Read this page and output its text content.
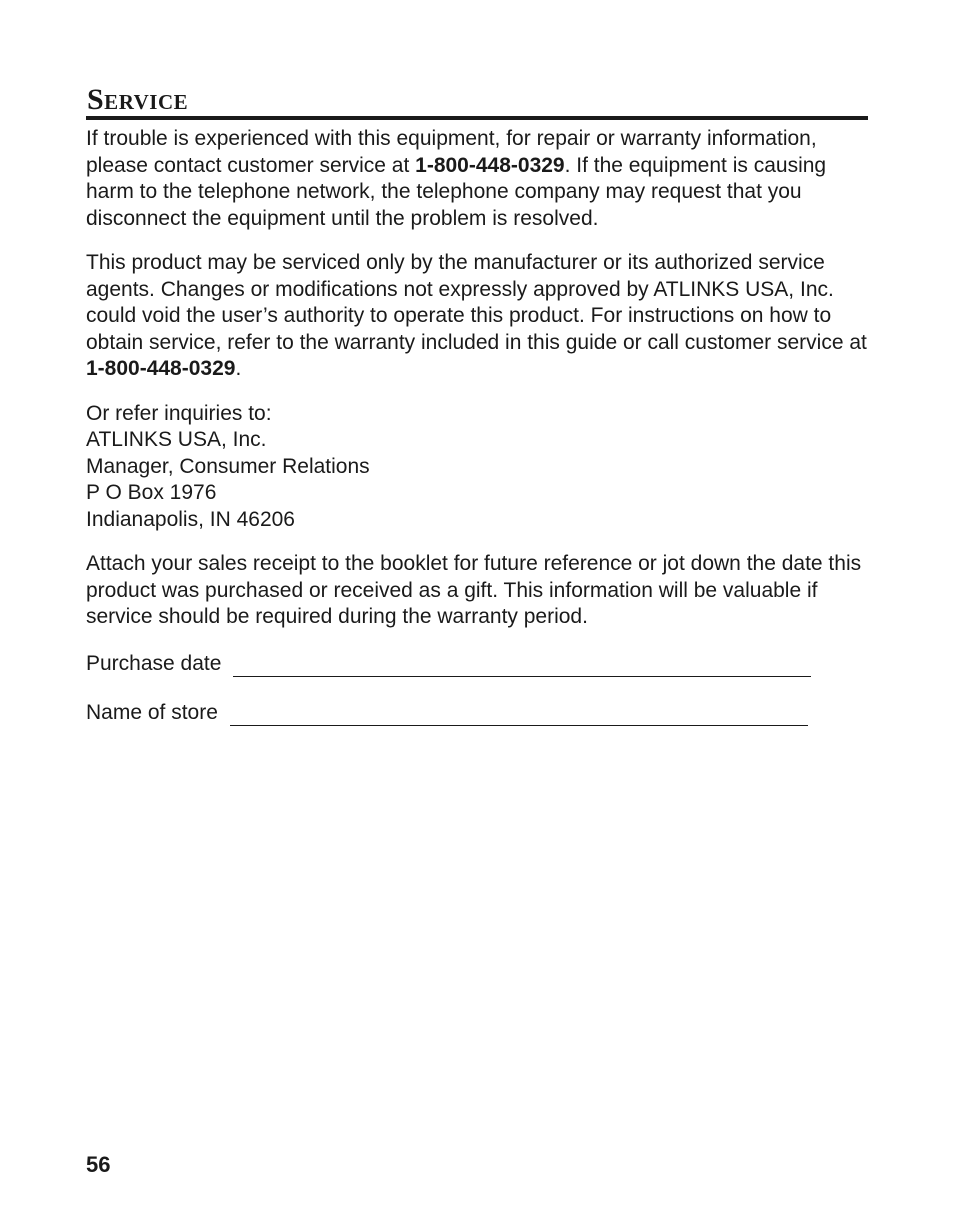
Service

If trouble is experienced with this equipment, for repair or warranty information, please contact customer service at 1-800-448-0329. If the equipment is causing harm to the telephone network, the telephone company may request that you disconnect the equipment until the problem is resolved.

This product may be serviced only by the manufacturer or its authorized service agents. Changes or modifications not expressly approved by ATLINKS USA, Inc. could void the user’s authority to operate this product. For instructions on how to obtain service, refer to the warranty included in this guide or call customer service at 1-800-448-0329.

Or refer inquiries to:

ATLINKS USA, Inc.

Manager, Consumer Relations

P O Box 1976

Indianapolis, IN 46206

Attach your sales receipt to the booklet for future reference or jot down the date this product was purchased or received as a gift. This information will be valuable if service should be required during the warranty period.

Purchase date
Name of store
56
